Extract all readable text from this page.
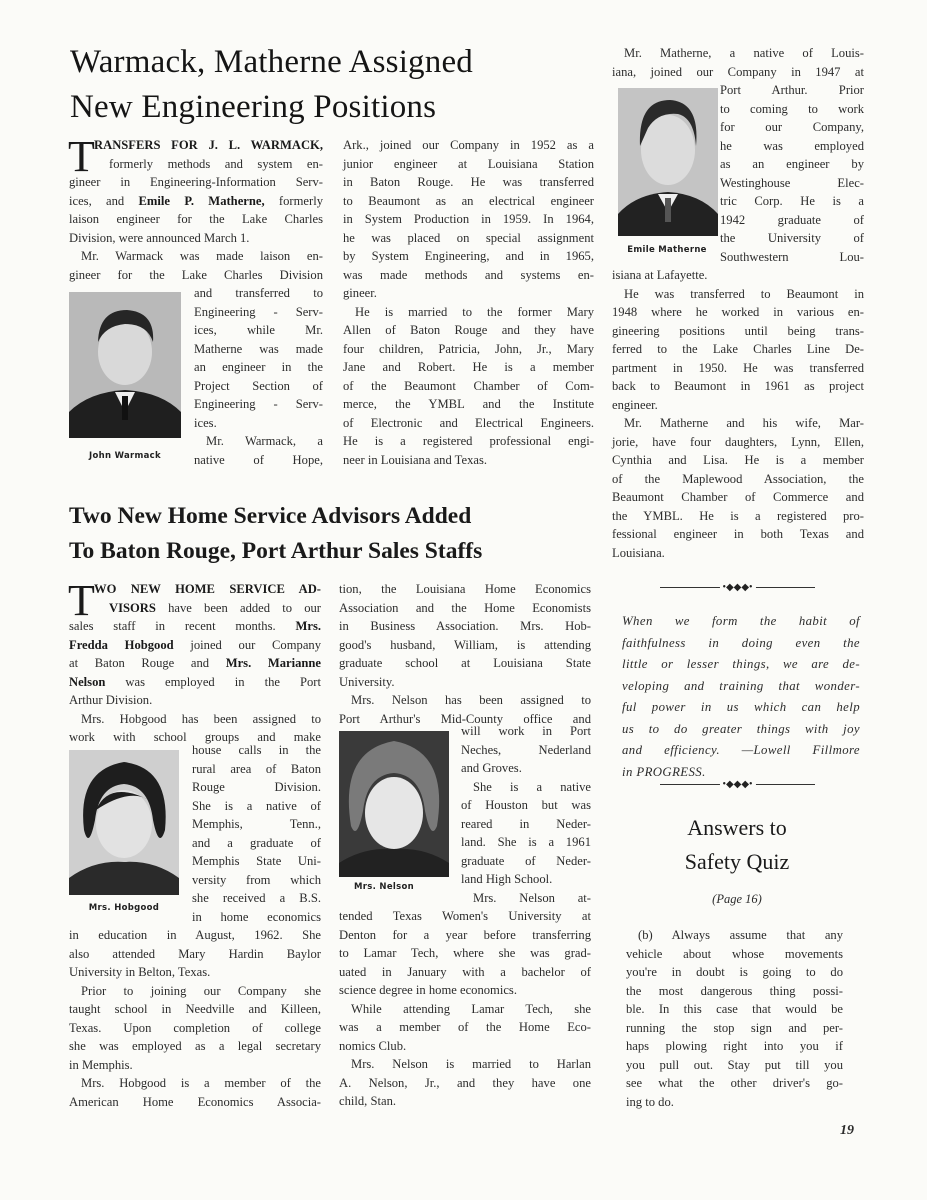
Warmack, Matherne Assigned
New Engineering Positions
T RANSFERS FOR J. L. WARMACK,
formerly methods and system en-
gineer in Engineering-Information Serv-
ices, and Emile P. Matherne, formerly
laison engineer for the Lake Charles
Division, were announced March 1.
Mr. Warmack was made laison en-
gineer for the Lake Charles Division
John Warmack
and transferred to
Engineering - Serv-
ices, while Mr.
Matherne was made
an engineer in the
Project Section of
Engineering - Serv-
ices.
Mr. Warmack, a
native of Hope,
Ark., joined our Company in 1952 as a
junior engineer at Louisiana Station
in Baton Rouge. He was transferred
to Beaumont as an electrical engineer
in System Production in 1959. In 1964,
he was placed on special assignment
by System Engineering, and in 1965,
was made methods and systems en-
gineer.
He is married to the former Mary
Allen of Baton Rouge and they have
four children, Patricia, John, Jr., Mary
Jane and Robert. He is a member
of the Beaumont Chamber of Com-
merce, the YMBL and the Institute
of Electronic and Electrical Engineers.
He is a registered professional engi-
neer in Louisiana and Texas.
Mr. Matherne, a native of Louis-
iana, joined our Company in 1947 at
Emile Matherne
Port Arthur. Prior
to coming to work
for our Company,
he was employed
as an engineer by
Westinghouse Elec-
tric Corp. He is a
1942 graduate of
the University of
Southwestern Lou-
isiana at Lafayette.
He was transferred to Beaumont in
1948 where he worked in various en-
gineering positions until being trans-
ferred to the Lake Charles Line De-
partment in 1950. He was transferred
back to Beaumont in 1961 as project
engineer.
Mr. Matherne and his wife, Mar-
jorie, have four daughters, Lynn, Ellen,
Cynthia and Lisa. He is a member
of the Maplewood Association, the
Beaumont Chamber of Commerce and
the YMBL. He is a registered pro-
fessional engineer in both Texas and
Louisiana.
•◆◆◆•
When we form the habit of
faithfulness in doing even the
little or lesser things, we are de-
veloping and training that wonder-
ful power in us which can help
us to do greater things with joy
and efficiency. —Lowell Fillmore
in PROGRESS.
•◆◆◆•
Answers to
Safety Quiz
(Page 16)
(b) Always assume that any
vehicle about whose movements
you're in doubt is going to do
the most dangerous thing possi-
ble. In this case that would be
running the stop sign and per-
haps plowing right into you if
you pull out. Stay put till you
see what the other driver's go-
ing to do.
19
Two New Home Service Advisors Added
To Baton Rouge, Port Arthur Sales Staffs
T WO NEW HOME SERVICE AD-
VISORS have been added to our
sales staff in recent months. Mrs.
Fredda Hobgood joined our Company
at Baton Rouge and Mrs. Marianne
Nelson was employed in the Port
Arthur Division.
Mrs. Hobgood has been assigned to
work with school groups and make
Mrs. Hobgood
house calls in the
rural area of Baton
Rouge Division.
She is a native of
Memphis, Tenn.,
and a graduate of
Memphis State Uni-
versity from which
she received a B.S.
in home economics
in education in August, 1962. She
also attended Mary Hardin Baylor
University in Belton, Texas.
Prior to joining our Company she
taught school in Needville and Killeen,
Texas. Upon completion of college
she was employed as a legal secretary
in Memphis.
Mrs. Hobgood is a member of the
American Home Economics Associa-
tion, the Louisiana Home Economics
Association and the Home Economists
in Business Association. Mrs. Hob-
good's husband, William, is attending
graduate school at Louisiana State
University.
Mrs. Nelson has been assigned to
Port Arthur's Mid-County office and
Mrs. Nelson
will work in Port
Neches, Nederland
and Groves.
She is a native
of Houston but was
reared in Neder-
land. She is a 1961
graduate of Neder-
land High School.
Mrs. Nelson at-
tended Texas Women's University at
Denton for a year before transferring
to Lamar Tech, where she was grad-
uated in January with a bachelor of
science degree in home economics.
While attending Lamar Tech, she
was a member of the Home Eco-
nomics Club.
Mrs. Nelson is married to Harlan
A. Nelson, Jr., and they have one
child, Stan.
